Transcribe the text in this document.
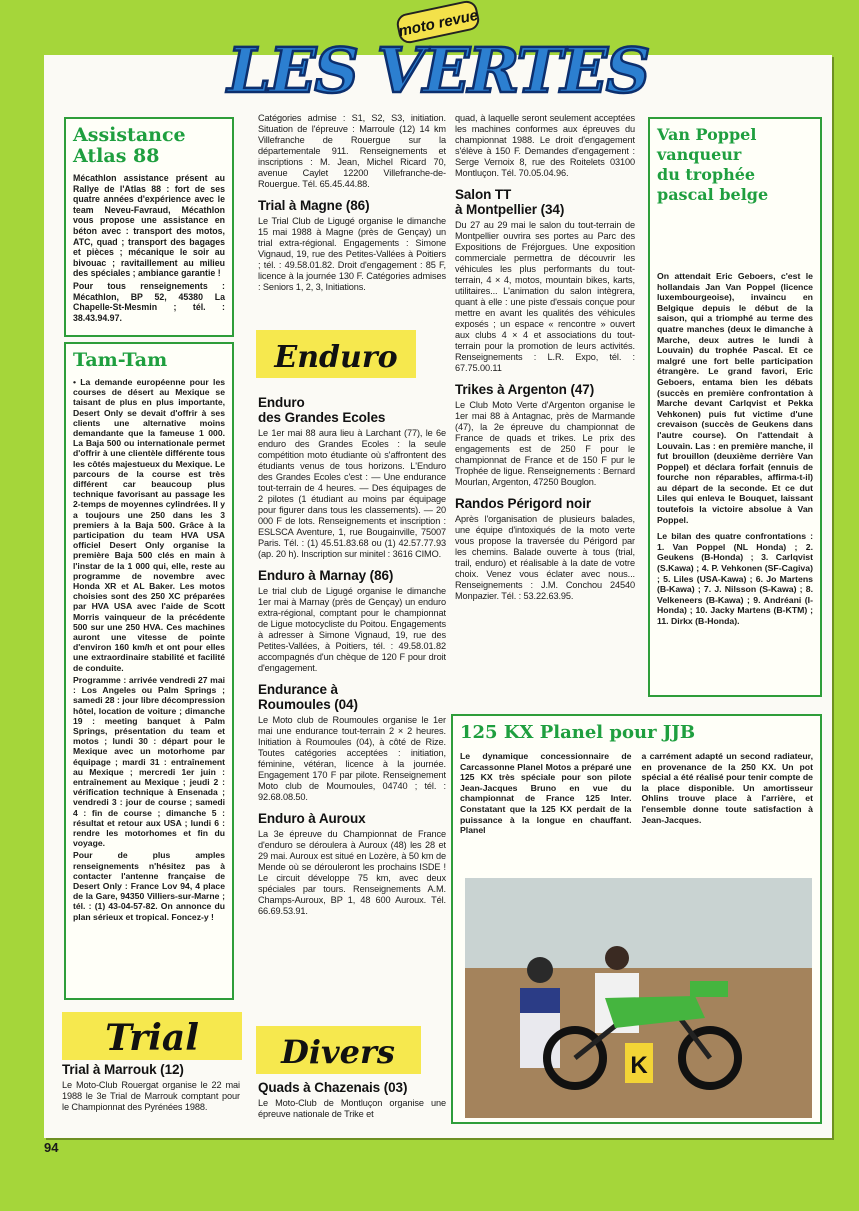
moto revue
LES VERTES
Assistance
Atlas 88

Mécathlon assistance présent au Rallye de l'Atlas 88 : fort de ses quatre années d'expérience avec le team Neveu-Favraud, Mécathlon vous propose une assistance en béton avec : transport des motos, ATC, quad ; transport des bagages et pièces ; mécanique le soir au bivouac ; ravitaillement au milieu des spéciales ; ambiance garantie !

Pour tous renseignements : Mécathlon, BP 52, 45380 La Chapelle-St-Mesmin ; tél. : 38.43.94.97.

Tam-Tam

• La demande européenne pour les courses de désert au Mexique se taisant de plus en plus importante, Desert Only se devait d'offrir à ses clients une alternative moins demandante que la fameuse 1 000. La Baja 500 ou internationale permet d'offrir à une clientèle différente tous les côtés majestueux du Mexique. Le parcours de la course est très différent car beaucoup plus technique favorisant au passage les 2-temps de moyennes cylindrées. Il y a toujours une 250 dans les 3 premiers à la Baja 500. Grâce à la participation du team HVA USA officiel Desert Only organise la première Baja 500 clés en main à l'instar de la 1 000 qui, elle, reste au programme de novembre avec Honda XR et AL Baker. Les motos choisies sont des 250 XC préparées par HVA USA avec l'aide de Scott Morris vainqueur de la précédente 500 sur une 250 HVA. Ces machines auront une vitesse de pointe d'environ 160 km/h et ont pour elles une extraordinaire stabilité et facilité de conduite.

Programme : arrivée vendredi 27 mai : Los Angeles ou Palm Springs ; samedi 28 : jour libre décompression hôtel, location de voiture ; dimanche 19 : meeting banquet à Palm Springs, présentation du team et motos ; lundi 30 : départ pour le Mexique avec un motorhome par équipage ; mardi 31 : entraînement au Mexique ; mercredi 1er juin : entraînement au Mexique ; jeudi 2 : vérification technique à Ensenada ; vendredi 3 : jour de course ; samedi 4 : fin de course ; dimanche 5 : résultat et retour aux USA ; lundi 6 : rendre les motorhomes et fin du voyage.

Pour de plus amples renseignements n'hésitez pas à contacter l'antenne française de Desert Only : France Lov 94, 4 place de la Gare, 94350 Villiers-sur-Marne ; tél. : (1) 43-04-57-82. On annonce du plan sérieux et tropical. Foncez-y !

Trial
Trial à Marrouk (12)

Le Moto-Club Rouergat organise le 22 mai 1988 le 3e Trial de Marrouk comptant pour le Championnat des Pyrénées 1988.

Catégories admise : S1, S2, S3, initiation. Situation de l'épreuve : Marroule (12) 14 km Villefranche de Rouergue sur la départementale 911. Renseignements et inscriptions : M. Jean, Michel Ricard 70, avenue Caylet 12200 Villefranche-de-Rouergue. Tél. 65.45.44.88.

Trial à Magne (86)

Le Trial Club de Ligugé organise le dimanche 15 mai 1988 à Magne (près de Gençay) un trial extra-régional. Engagements : Simone Vignaud, 19, rue des Petites-Vallées à Poitiers ; tél. : 49.58.01.82. Droit d'engagement : 85 F, licence à la journée 130 F. Catégories admises : Seniors 1, 2, 3, Initiations.

Enduro
Enduro
des Grandes Ecoles

Le 1er mai 88 aura lieu à Larchant (77), le 6e enduro des Grandes Ecoles : la seule compétition moto étudiante où s'affrontent des étudiants venus de tous horizons. L'Enduro des Grandes Ecoles c'est : — Une endurance tout-terrain de 4 heures. — Des équipages de 2 pilotes (1 étudiant au moins par équipage pour figurer dans tous les classements). — 20 000 F de lots. Renseignements et inscription : ESLSCA Aventure, 1, rue Bougainville, 75007 Paris. Tél. : (1) 45.51.83.68 ou (1) 42.57.77.93 (ap. 20 h). Inscription sur minitel : 3616 CIMO.

Enduro à Marnay (86)

Le trial club de Ligugé organise le dimanche 1er mai à Marnay (près de Gençay) un enduro extra-régional, comptant pour le championnat de Ligue motocycliste du Poitou. Engagements à adresser à Simone Vignaud, 19, rue des Petites-Vallées, à Poitiers, tél. : 49.58.01.82 accompagnés d'un chèque de 120 F pour droit d'engagement.

Endurance à
Roumoules (04)

Le Moto club de Roumoules organise le 1er mai une endurance tout-terrain 2 × 2 heures. Initiation à Roumoules (04), à côté de Rize. Toutes catégories acceptées : initiation, féminine, vétéran, licence à la journée. Engagement 170 F par pilote. Renseignement Moto club de Moumoules, 04740 ; tél. : 92.68.08.50.

Enduro à Auroux

La 3e épreuve du Championnat de France d'enduro se déroulera à Auroux (48) les 28 et 29 mai. Auroux est situé en Lozère, à 50 km de Mende où se dérouleront les prochains ISDE ! Le circuit développe 75 km, avec deux spéciales par tours. Renseignements A.M. Champs-Auroux, BP 1, 48 600 Auroux. Tél. 66.69.53.91.

Divers
Quads à Chazenais (03)

Le Moto-Club de Montluçon organise une épreuve nationale de Trike et

quad, à laquelle seront seulement acceptées les machines conformes aux épreuves du championnat 1988. Le droit d'engagement s'élève à 150 F. Demandes d'engagement : Serge Vernoix 8, rue des Roitelets 03100 Montluçon. Tél. 70.05.04.96.

Salon TT
à Montpellier (34)

Du 27 au 29 mai le salon du tout-terrain de Montpellier ouvrira ses portes au Parc des Expositions de Fréjorgues. Une exposition commerciale permettra de découvrir les véhicules les plus performants du tout-terrain, 4 × 4, motos, mountain bikes, karts, utilitaires... L'animation du salon intègrera, quant à elle : une piste d'essais conçue pour mettre en avant les qualités des véhicules exposés ; un espace « rencontre » ouvert aux clubs 4 × 4 et associations du tout-terrain pour la promotion de leurs activités. Renseignements : L.R. Expo, tél. : 67.75.00.11

Trikes à Argenton (47)

Le Club Moto Verte d'Argenton organise le 1er mai 88 à Antagnac, près de Marmande (47), la 2e épreuve du championnat de France de quads et trikes. Le prix des engagements est de 250 F pour le championnat de France et de 150 F pur le Trophée de ligue. Renseignements : Bernard Mourlan, Argenton, 47250 Bouglon.

Randos Périgord noir

Après l'organisation de plusieurs balades, une équipe d'intoxiqués de la moto verte vous propose la traversée du Périgord par les chemins. Balade ouverte à tous (trial, trail, enduro) et réalisable à la date de votre choix. Venez vous éclater avec nous... Renseignements : J.M. Conchou 24540 Monpazier. Tél. : 53.22.63.95.

Van Poppel
vanqueur
du trophée
pascal belge

On attendait Eric Geboers, c'est le hollandais Jan Van Poppel (licence luxembourgeoise), invaincu en Belgique depuis le début de la saison, qui a triomphé au terme des quatre manches (deux le dimanche à Marche, deux autres le lundi à Louvain) du trophée Pascal. Et ce malgré une fort belle participation étrangère. Le grand favori, Eric Geboers, entama bien les débats (succès en première confrontation à Marche devant Carlqvist et Pekka Vehkonen) puis fut victime d'une crevaison (succès de Geukens dans l'autre course). On l'attendait à Louvain. Las : en première manche, il fut brouillon (deuxième derrière Van Poppel) et déclara forfait (ennuis de fourche non réparables, affirma-t-il) au départ de la seconde. Et ce dut Liles qui enleva le Bouquet, laissant toutefois la victoire absolue à Van Poppel.

Le bilan des quatre confrontations : 1. Van Poppel (NL Honda) ; 2. Geukens (B-Honda) ; 3. Carlqvist (S.Kawa) ; 4. P. Vehkonen (SF-Cagiva) ; 5. Liles (USA-Kawa) ; 6. Jo Martens (B-Kawa) ; 7. J. Nilsson (S-Kawa) ; 8. Velkeneers (B-Kawa) ; 9. Andréani (I-Honda) ; 10. Jacky Martens (B-KTM) ; 11. Dirkx (B-Honda).

125 KX Planel pour JJB

Le dynamique concessionnaire de Carcassonne Planel Motos a préparé une 125 KX très spéciale pour son pilote Jean-Jacques Bruno en vue du championnat de France 125 Inter. Constatant que la 125 KX perdait de la puissance à la longue en chauffant. Planel

a carrément adapté un second radiateur, en provenance de la 250 KX. Un pot spécial a été réalisé pour tenir compte de la place disponible. Un amortisseur Ohlins trouve place à l'arrière, et l'ensemble donne toute satisfaction à Jean-Jacques.

K
94
